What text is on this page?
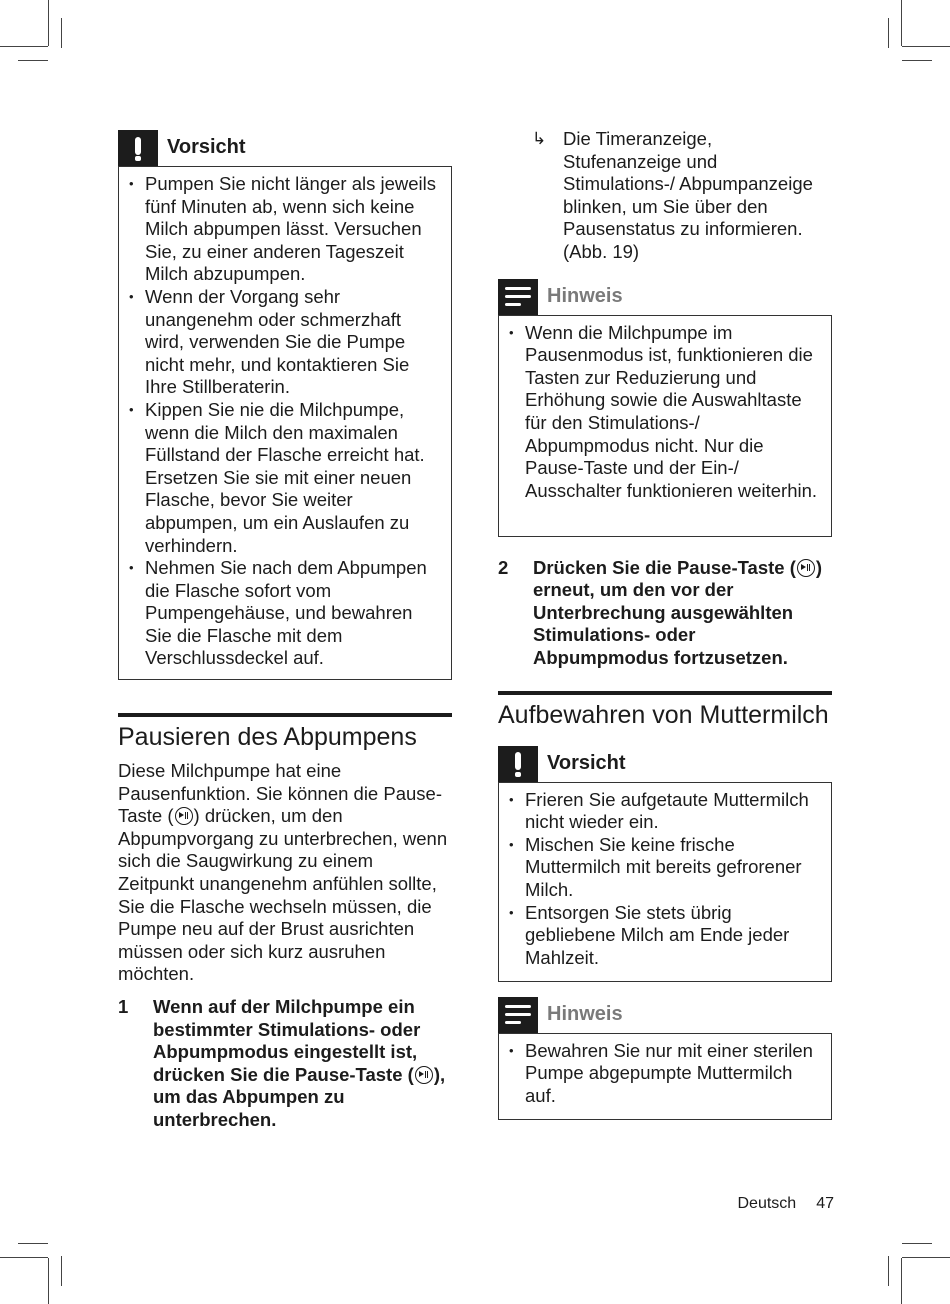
Vorsicht
• Pumpen Sie nicht länger als jeweils fünf Minuten ab, wenn sich keine Milch abpumpen lässt. Versuchen Sie, zu einer anderen Tageszeit Milch abzupumpen.
• Wenn der Vorgang sehr unangenehm oder schmerzhaft wird, verwenden Sie die Pumpe nicht mehr, und kontaktieren Sie Ihre Stillberaterin.
• Kippen Sie nie die Milchpumpe, wenn die Milch den maximalen Füllstand der Flasche erreicht hat. Ersetzen Sie sie mit einer neuen Flasche, bevor Sie weiter abpumpen, um ein Auslaufen zu verhindern.
• Nehmen Sie nach dem Abpumpen die Flasche sofort vom Pumpengehäuse, und bewahren Sie die Flasche mit dem Verschlussdeckel auf.
Pausieren des Abpumpens

Diese Milchpumpe hat eine Pausenfunktion. Sie können die Pause-Taste ( ) drücken, um den Abpumpvorgang zu unterbrechen, wenn sich die Saugwirkung zu einem Zeitpunkt unangenehm anfühlen sollte, Sie die Flasche wechseln müssen, die Pumpe neu auf der Brust ausrichten müssen oder sich kurz ausruhen möchten.

1 Wenn auf der Milchpumpe ein bestimmter Stimulations- oder Abpumpmodus eingestellt ist, drücken Sie die Pause-Taste ( ), um das Abpumpen zu unterbrechen.
↳ Die Timeranzeige, Stufenanzeige und Stimulations-/ Abpumpanzeige blinken, um Sie über den Pausenstatus zu informieren. (Abb. 19)
Hinweis
• Wenn die Milchpumpe im Pausenmodus ist, funktionieren die Tasten zur Reduzierung und Erhöhung sowie die Auswahltaste für den Stimulations-/ Abpumpmodus nicht. Nur die Pause-Taste und der Ein-/ Ausschalter funktionieren weiterhin.
2 Drücken Sie die Pause-Taste ( ) erneut, um den vor der Unterbrechung ausgewählten Stimulations- oder Abpumpmodus fortzusetzen.
Aufbewahren von Muttermilch
Vorsicht
• Frieren Sie aufgetaute Muttermilch nicht wieder ein.
• Mischen Sie keine frische Muttermilch mit bereits gefrorener Milch.
• Entsorgen Sie stets übrig gebliebene Milch am Ende jeder Mahlzeit.
Hinweis
• Bewahren Sie nur mit einer sterilen Pumpe abgepumpte Muttermilch auf.
Deutsch 47
